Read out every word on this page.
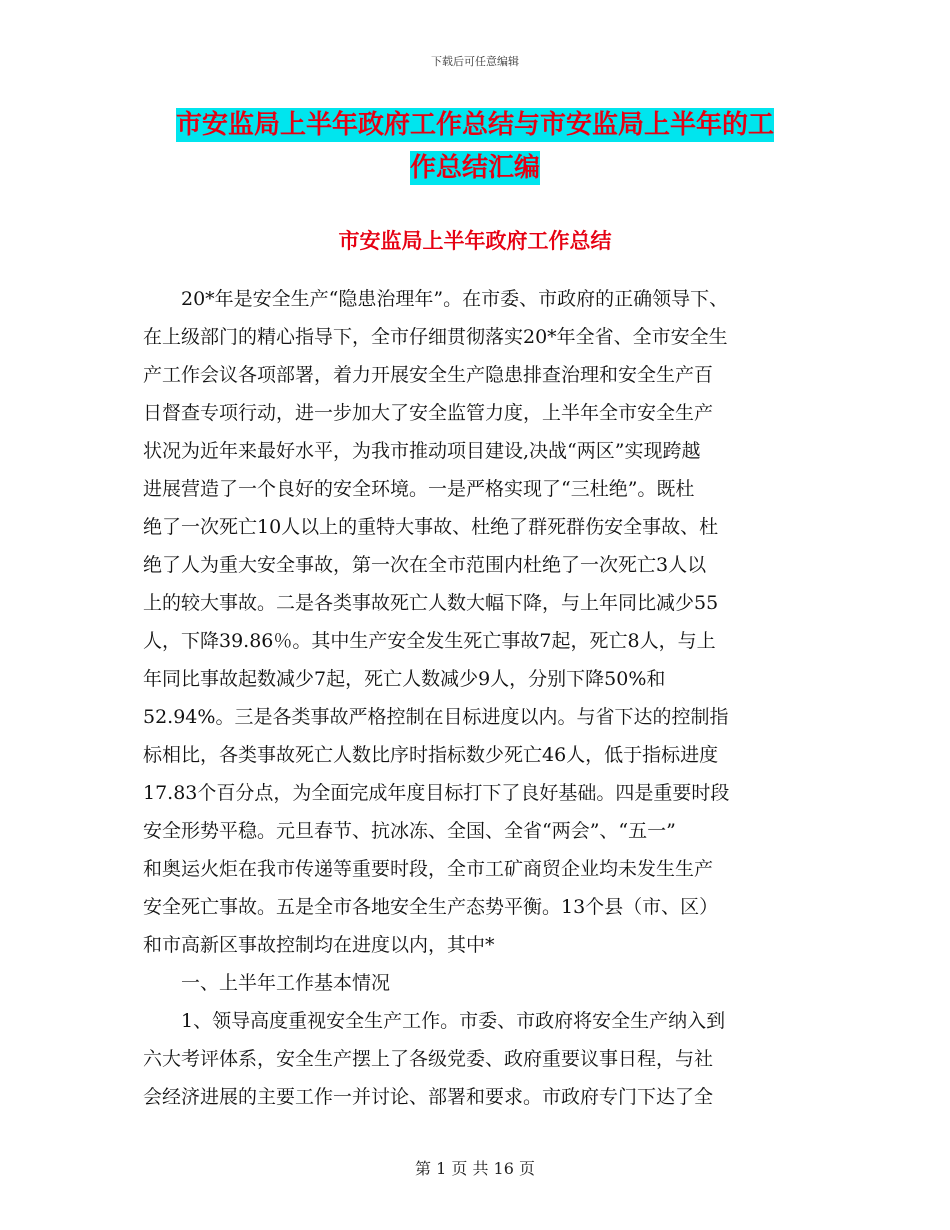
下载后可任意编辑
市安监局上半年政府工作总结与市安监局上半年的工
作总结汇编
市安监局上半年政府工作总结
20*年是安全生产“隐患治理年”。在市委、市政府的正确领导下、
在上级部门的精心指导下，全市仔细贯彻落实20*年全省、全市安全生
产工作会议各项部署，着力开展安全生产隐患排查治理和安全生产百
日督查专项行动，进一步加大了安全监管力度，上半年全市安全生产
状况为近年来最好水平，为我市推动项目建设,决战“两区”实现跨越
进展营造了一个良好的安全环境。一是严格实现了“三杜绝”。既杜
绝了一次死亡10人以上的重特大事故、杜绝了群死群伤安全事故、杜
绝了人为重大安全事故，第一次在全市范围内杜绝了一次死亡3人以
上的较大事故。二是各类事故死亡人数大幅下降，与上年同比减少55
人，下降39.86％。其中生产安全发生死亡事故7起，死亡8人，与上
年同比事故起数减少7起，死亡人数减少9人，分别下降50%和
52.94%。三是各类事故严格控制在目标进度以内。与省下达的控制指
标相比，各类事故死亡人数比序时指标数少死亡46人，低于指标进度
17.83个百分点，为全面完成年度目标打下了良好基础。四是重要时段
安全形势平稳。元旦春节、抗冰冻、全国、全省“两会”、“五一”
和奥运火炬在我市传递等重要时段，全市工矿商贸企业均未发生生产
安全死亡事故。五是全市各地安全生产态势平衡。13个县（市、区）
和市高新区事故控制均在进度以内，其中*
一、上半年工作基本情况
1、领导高度重视安全生产工作。市委、市政府将安全生产纳入到
六大考评体系，安全生产摆上了各级党委、政府重要议事日程，与社
会经济进展的主要工作一并讨论、部署和要求。市政府专门下达了全
第 1 页 共 16 页
